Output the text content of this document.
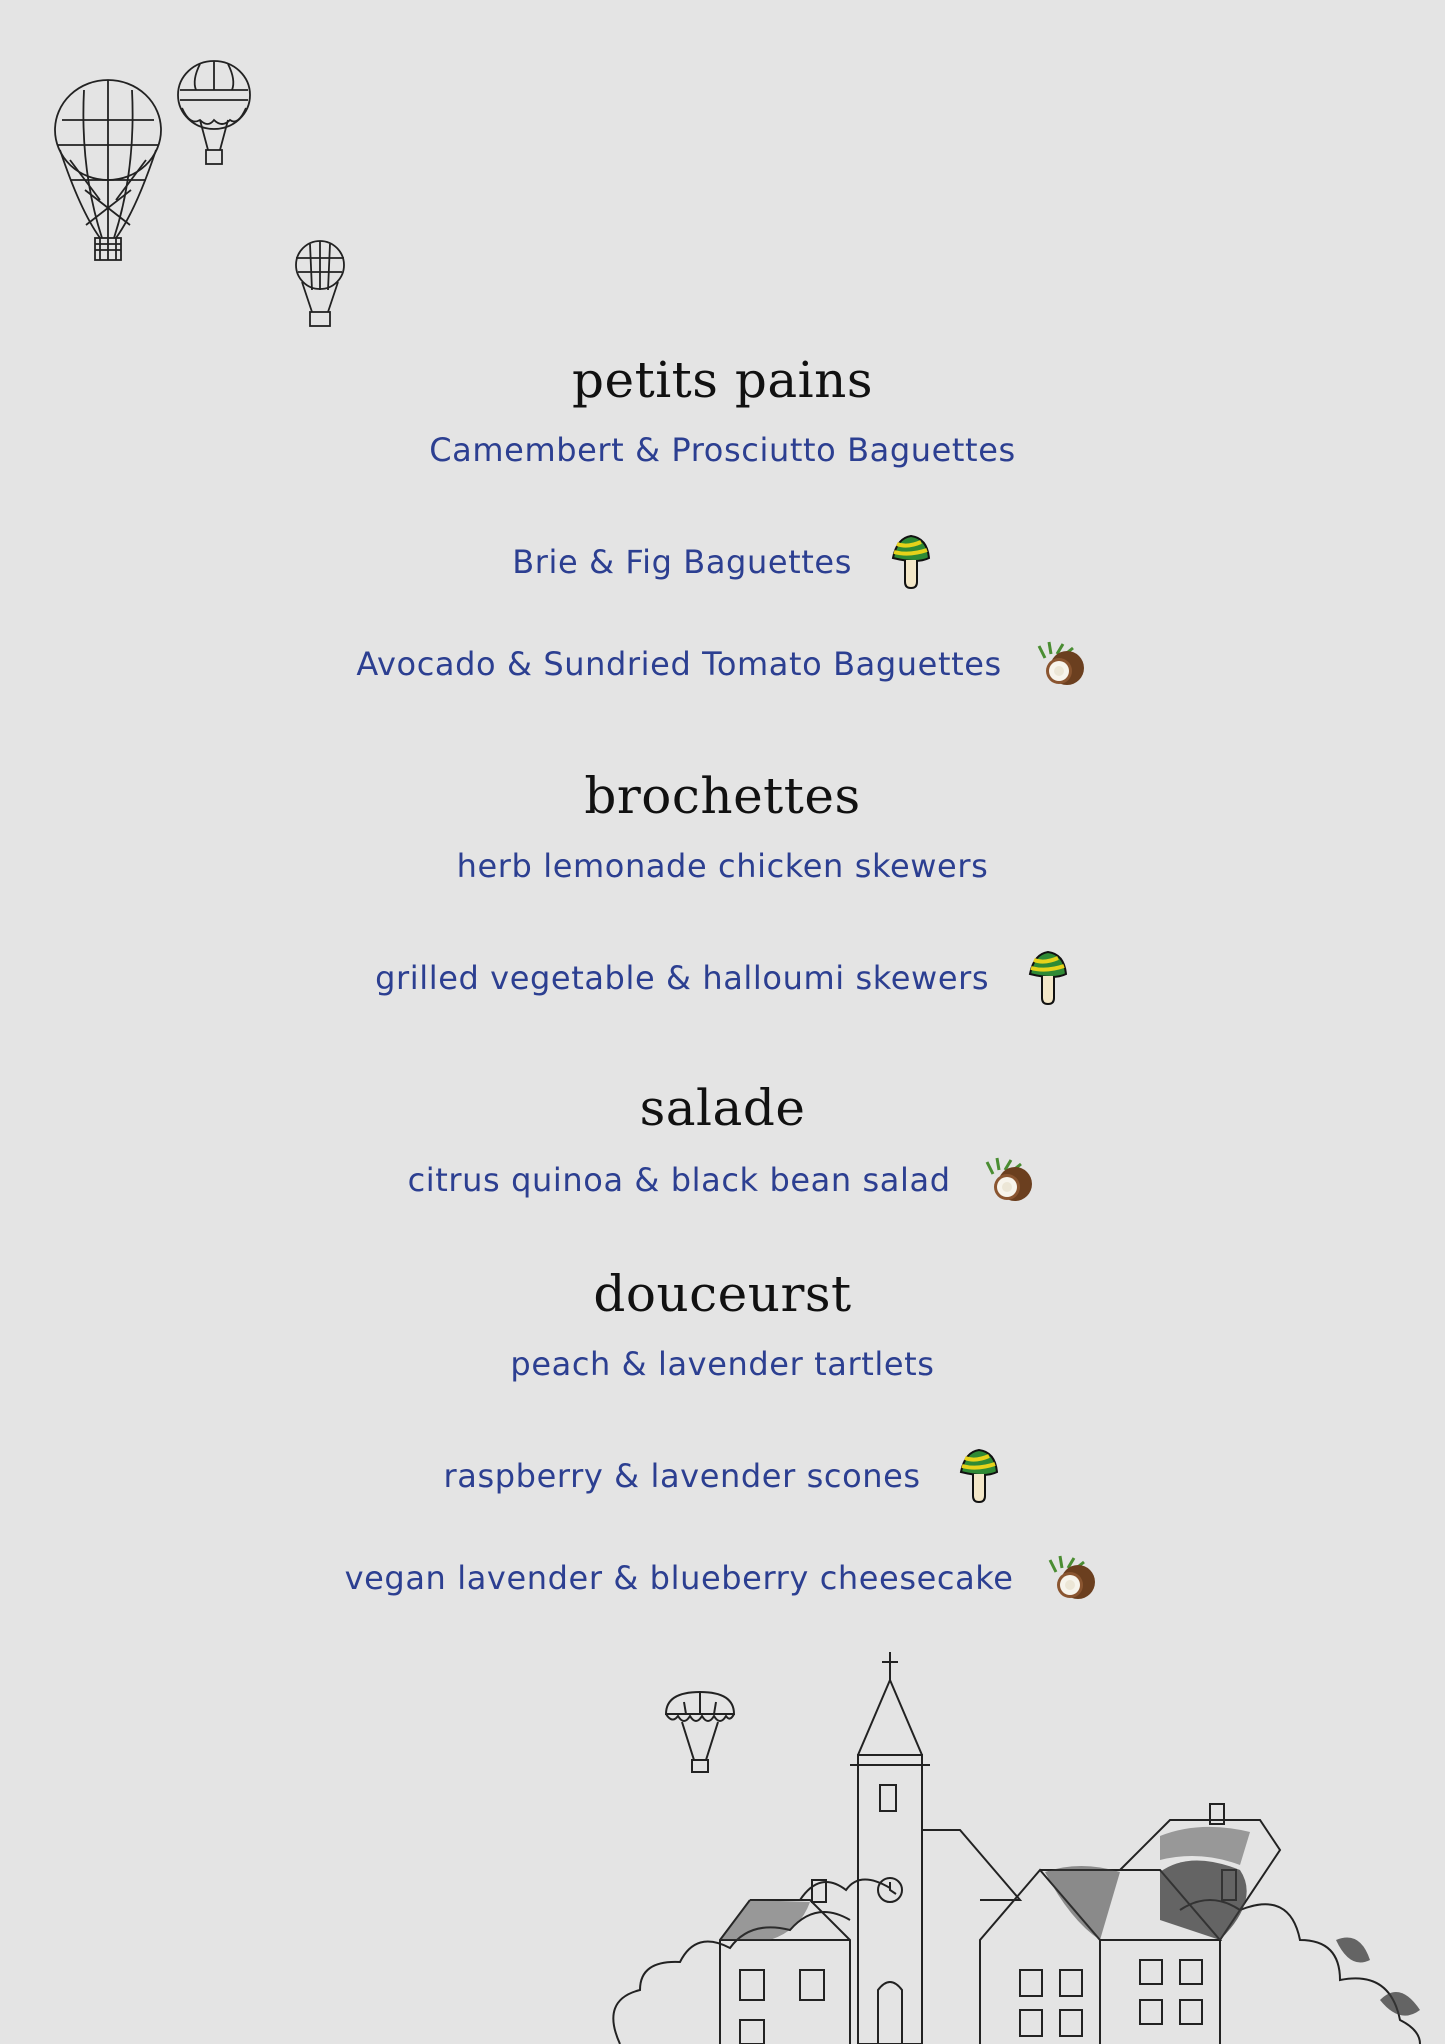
petits pains
Camembert & Prosciutto Baguettes
Brie & Fig Baguettes
Avocado & Sundried Tomato Baguettes
brochettes
herb lemonade chicken skewers
grilled vegetable & halloumi skewers
salade
citrus quinoa & black bean salad
douceurst
peach & lavender tartlets
raspberry & lavender scones
vegan lavender & blueberry cheesecake
